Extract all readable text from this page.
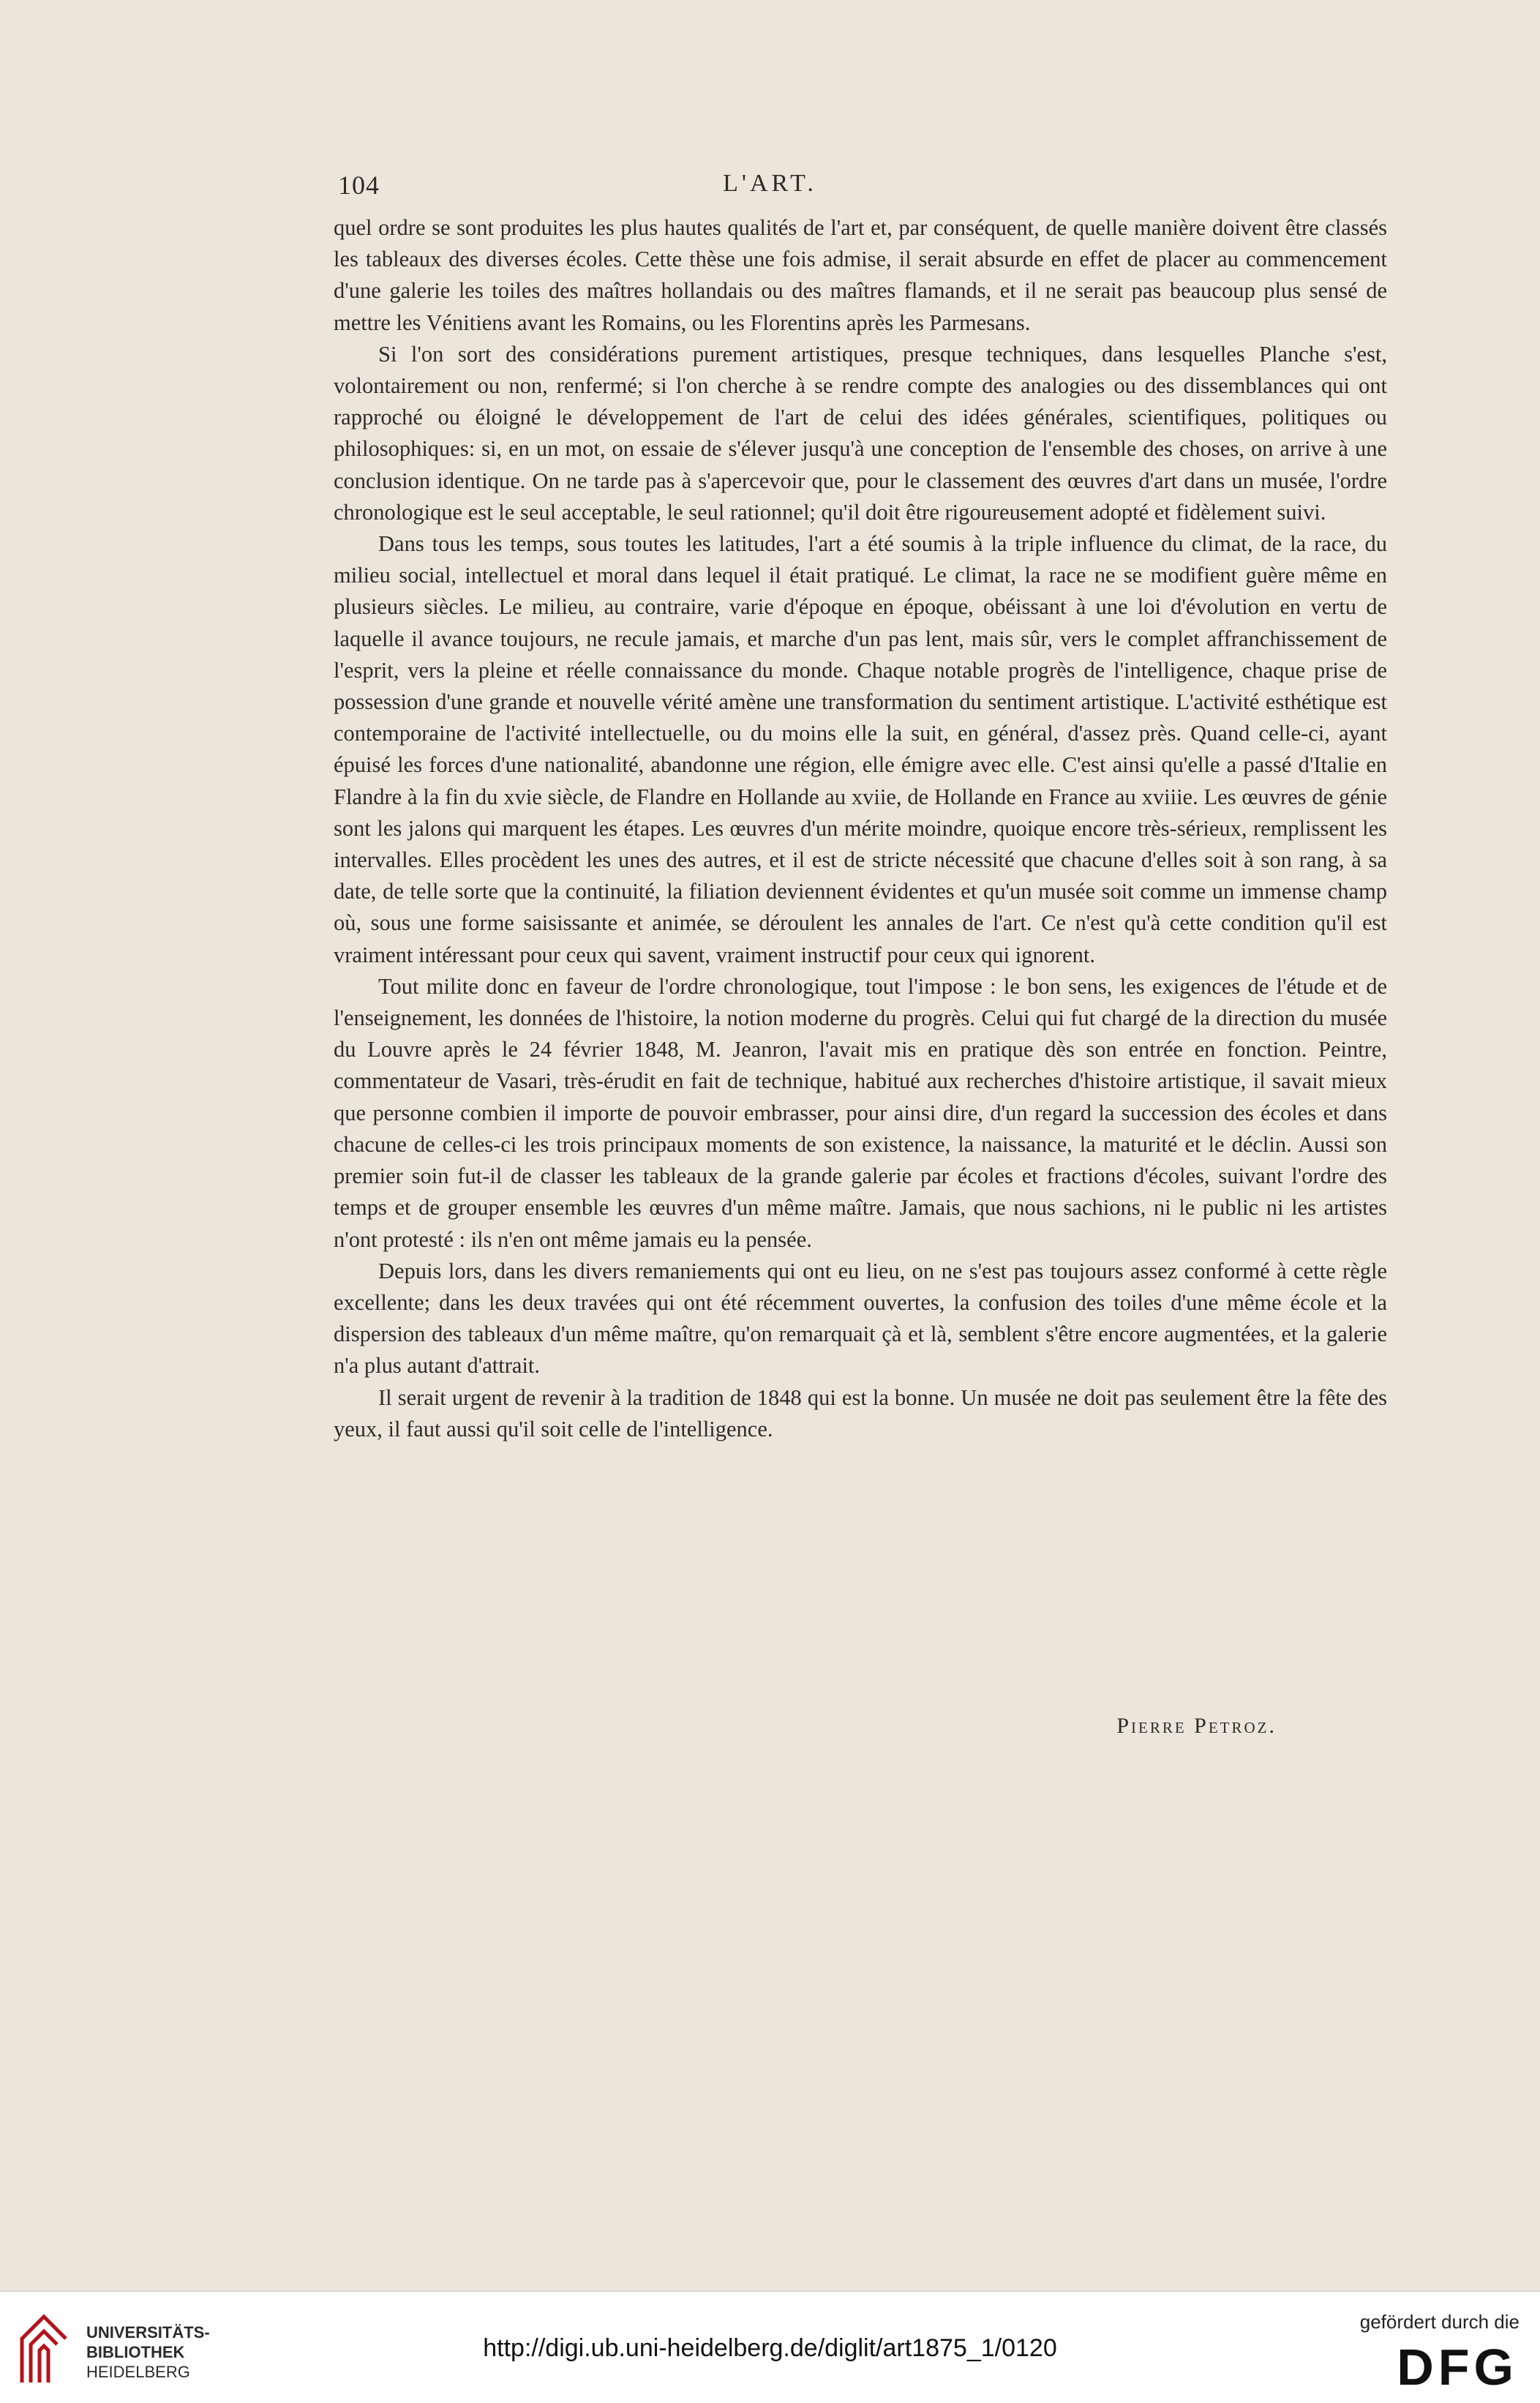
104	L'ART.

quel ordre se sont produites les plus hautes qualités de l'art et, par conséquent, de quelle manière doivent être classés les tableaux des diverses écoles. Cette thèse une fois admise, il serait absurde en effet de placer au commencement d'une galerie les toiles des maîtres hollandais ou des maîtres flamands, et il ne serait pas beaucoup plus sensé de mettre les Vénitiens avant les Romains, ou les Florentins après les Parmesans.

Si l'on sort des considérations purement artistiques, presque techniques, dans lesquelles Planche s'est, volontairement ou non, renfermé; si l'on cherche à se rendre compte des analogies ou des dissemblances qui ont rapproché ou éloigné le développement de l'art de celui des idées générales, scientifiques, politiques ou philosophiques: si, en un mot, on essaie de s'élever jusqu'à une conception de l'ensemble des choses, on arrive à une conclusion identique. On ne tarde pas à s'apercevoir que, pour le classement des œuvres d'art dans un musée, l'ordre chronologique est le seul acceptable, le seul rationnel; qu'il doit être rigoureusement adopté et fidèlement suivi.

Dans tous les temps, sous toutes les latitudes, l'art a été soumis à la triple influence du climat, de la race, du milieu social, intellectuel et moral dans lequel il était pratiqué. Le climat, la race ne se modifient guère même en plusieurs siècles. Le milieu, au contraire, varie d'époque en époque, obéissant à une loi d'évolution en vertu de laquelle il avance toujours, ne recule jamais, et marche d'un pas lent, mais sûr, vers le complet affranchissement de l'esprit, vers la pleine et réelle connaissance du monde. Chaque notable progrès de l'intelligence, chaque prise de possession d'une grande et nouvelle vérité amène une transformation du sentiment artistique. L'activité esthétique est contemporaine de l'activité intellectuelle, ou du moins elle la suit, en général, d'assez près. Quand celle-ci, ayant épuisé les forces d'une nationalité, abandonne une région, elle émigre avec elle. C'est ainsi qu'elle a passé d'Italie en Flandre à la fin du xvie siècle, de Flandre en Hollande au xviie, de Hollande en France au xviiie. Les œuvres de génie sont les jalons qui marquent les étapes. Les œuvres d'un mérite moindre, quoique encore très-sérieux, remplissent les intervalles. Elles procèdent les unes des autres, et il est de stricte nécessité que chacune d'elles soit à son rang, à sa date, de telle sorte que la continuité, la filiation deviennent évidentes et qu'un musée soit comme un immense champ où, sous une forme saisissante et animée, se déroulent les annales de l'art. Ce n'est qu'à cette condition qu'il est vraiment intéressant pour ceux qui savent, vraiment instructif pour ceux qui ignorent.

Tout milite donc en faveur de l'ordre chronologique, tout l'impose : le bon sens, les exigences de l'étude et de l'enseignement, les données de l'histoire, la notion moderne du progrès. Celui qui fut chargé de la direction du musée du Louvre après le 24 février 1848, M. Jeanron, l'avait mis en pratique dès son entrée en fonction. Peintre, commentateur de Vasari, très-érudit en fait de technique, habitué aux recherches d'histoire artistique, il savait mieux que personne combien il importe de pouvoir embrasser, pour ainsi dire, d'un regard la succession des écoles et dans chacune de celles-ci les trois principaux moments de son existence, la naissance, la maturité et le déclin. Aussi son premier soin fut-il de classer les tableaux de la grande galerie par écoles et fractions d'écoles, suivant l'ordre des temps et de grouper ensemble les œuvres d'un même maître. Jamais, que nous sachions, ni le public ni les artistes n'ont protesté : ils n'en ont même jamais eu la pensée.

Depuis lors, dans les divers remaniements qui ont eu lieu, on ne s'est pas toujours assez conformé à cette règle excellente; dans les deux travées qui ont été récemment ouvertes, la confusion des toiles d'une même école et la dispersion des tableaux d'un même maître, qu'on remarquait çà et là, semblent s'être encore augmentées, et la galerie n'a plus autant d'attrait.

Il serait urgent de revenir à la tradition de 1848 qui est la bonne. Un musée ne doit pas seulement être la fête des yeux, il faut aussi qu'il soit celle de l'intelligence.

Pierre Petroz.
UNIVERSITÄTS-
BIBLIOTHEK
HEIDELBERG
http://digi.ub.uni-heidelberg.de/diglit/art1875_1/0120
gefördert durch die
DFG
